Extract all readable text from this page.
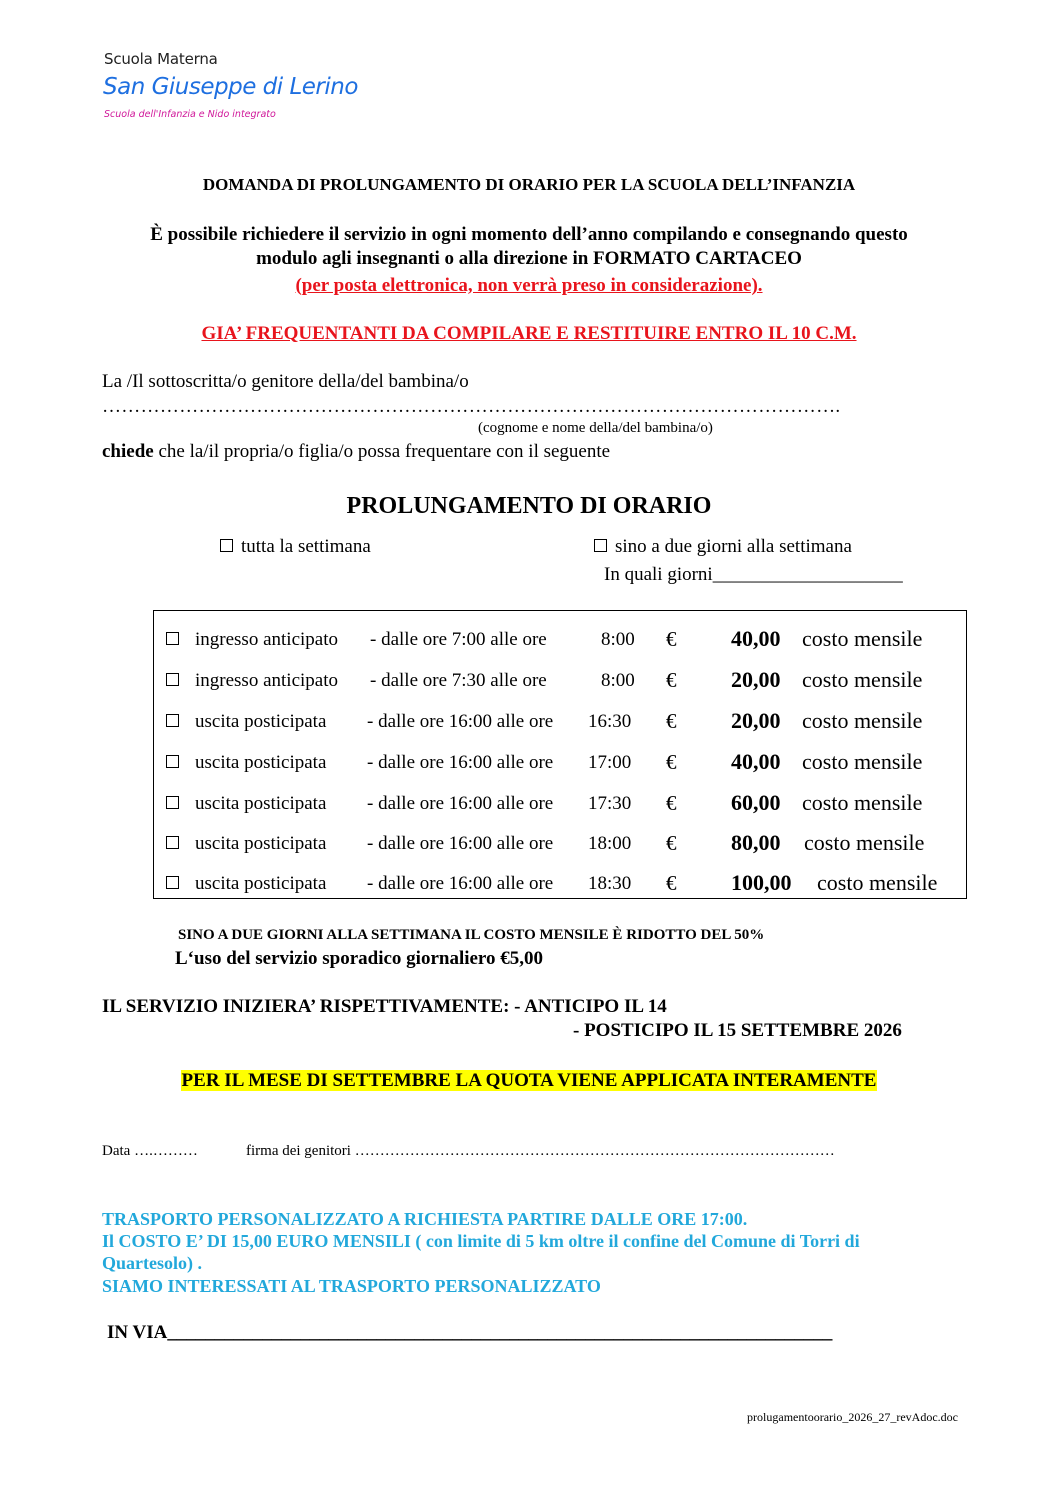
Scuola Materna
San Giuseppe di Lerino
Scuola dell'Infanzia e Nido integrato
DOMANDA DI PROLUNGAMENTO DI ORARIO PER LA SCUOLA DELL’INFANZIA
È possibile richiedere il servizio in ogni momento dell’anno compilando e consegnando questo
modulo agli insegnanti o alla direzione in FORMATO CARTACEO
(per posta elettronica, non verrà preso in considerazione).
GIA’ FREQUENTANTI DA COMPILARE E RESTITUIRE ENTRO IL 10 C.M.
La /Il sottoscritta/o genitore della/del bambina/o
…………………………………………………………………………………………………….
(cognome e nome della/del bambina/o)
chiede che la/il propria/o figlia/o possa frequentare con il seguente
PROLUNGAMENTO DI ORARIO
tutta la settimana	sino a due giorni alla settimana
In quali giorni____________________
ingresso anticipato - dalle ore 7:00 alle ore	8:00 € 40,00 costo mensile
ingresso anticipato - dalle ore 7:30 alle ore	8:00 € 20,00 costo mensile
uscita posticipata - dalle ore 16:00 alle ore 16:30 € 20,00 costo mensile
uscita posticipata - dalle ore 16:00 alle ore 17:00 € 40,00 costo mensile
uscita posticipata - dalle ore 16:00 alle ore 17:30 € 60,00 costo mensile
uscita posticipata - dalle ore 16:00 alle ore 18:00 € 80,00 costo mensile
uscita posticipata - dalle ore 16:00 alle ore 18:30 € 100,00 costo mensile
SINO A DUE GIORNI ALLA SETTIMANA IL COSTO MENSILE È RIDOTTO DEL 50%
L‘uso del servizio sporadico giornaliero €5,00
IL SERVIZIO INIZIERA’ RISPETTIVAMENTE: - ANTICIPO IL 14
- POSTICIPO IL 15 SETTEMBRE 2026
PER IL MESE DI SETTEMBRE LA QUOTA VIENE APPLICATA INTERAMENTE
Data ….………	firma dei genitori ……………………………………………………………………………………
TRASPORTO PERSONALIZZATO A RICHIESTA PARTIRE DALLE ORE 17:00.
Il COSTO E’ DI 15,00 EURO MENSILI ( con limite di 5 km oltre il confine del Comune di Torri di
Quartesolo) .
SIAMO INTERESSATI AL TRASPORTO PERSONALIZZATO
IN VIA______________________________________________________________________
prolugamentoorario_2026_27_revAdoc.doc
